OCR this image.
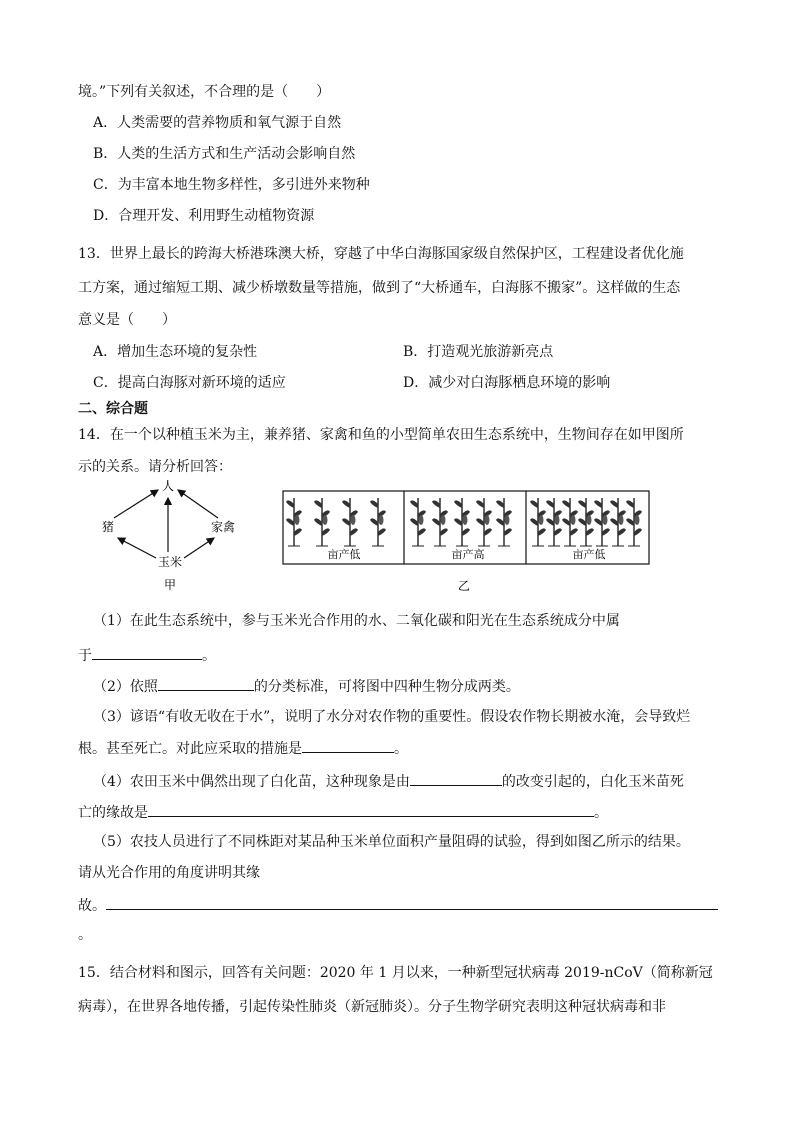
境。”下列有关叙述，不合理的是（　　）
A．人类需要的营养物质和氧气源于自然
B．人类的生活方式和生产活动会影响自然
C．为丰富本地生物多样性，多引进外来物种
D．合理开发、利用野生动植物资源
13．世界上最长的跨海大桥港珠澳大桥，穿越了中华白海豚国家级自然保护区，工程建设者优化施
工方案，通过缩短工期、减少桥墩数量等措施，做到了“大桥通车，白海豚不搬家”。这样做的生态
意义是（　　）
A．增加生态环境的复杂性	B．打造观光旅游新亮点
C．提高白海豚对新环境的适应	D．减少对白海豚栖息环境的影响
二、综合题
14．在一个以种植玉米为主，兼养猪、家禽和鱼的小型简单农田生态系统中，生物间存在如甲图所
示的关系。请分析回答：
人
猪	家禽
玉米
甲
亩产低	亩产高	亩产低
乙
（1）在此生态系统中，参与玉米光合作用的水、二氧化碳和阳光在生态系统成分中属
于	。
（2）依照	的分类标准，可将图中四种生物分成两类。
（3）谚语“有收无收在于水”，说明了水分对农作物的重要性。假设农作物长期被水淹，会导致烂
根。甚至死亡。对此应采取的措施是	。
（4）农田玉米中偶然出现了白化苗，这种现象是由	的改变引起的，白化玉米苗死
亡的缘故是	。
（5）农技人员进行了不同株距对某品种玉米单位面积产量阻碍的试验，得到如图乙所示的结果。
请从光合作用的角度讲明其缘
故。
。
15．结合材料和图示，回答有关问题：2020 年 1 月以来，一种新型冠状病毒 2019-nCoV（简称新冠
病毒），在世界各地传播，引起传染性肺炎（新冠肺炎）。分子生物学研究表明这种冠状病毒和非
